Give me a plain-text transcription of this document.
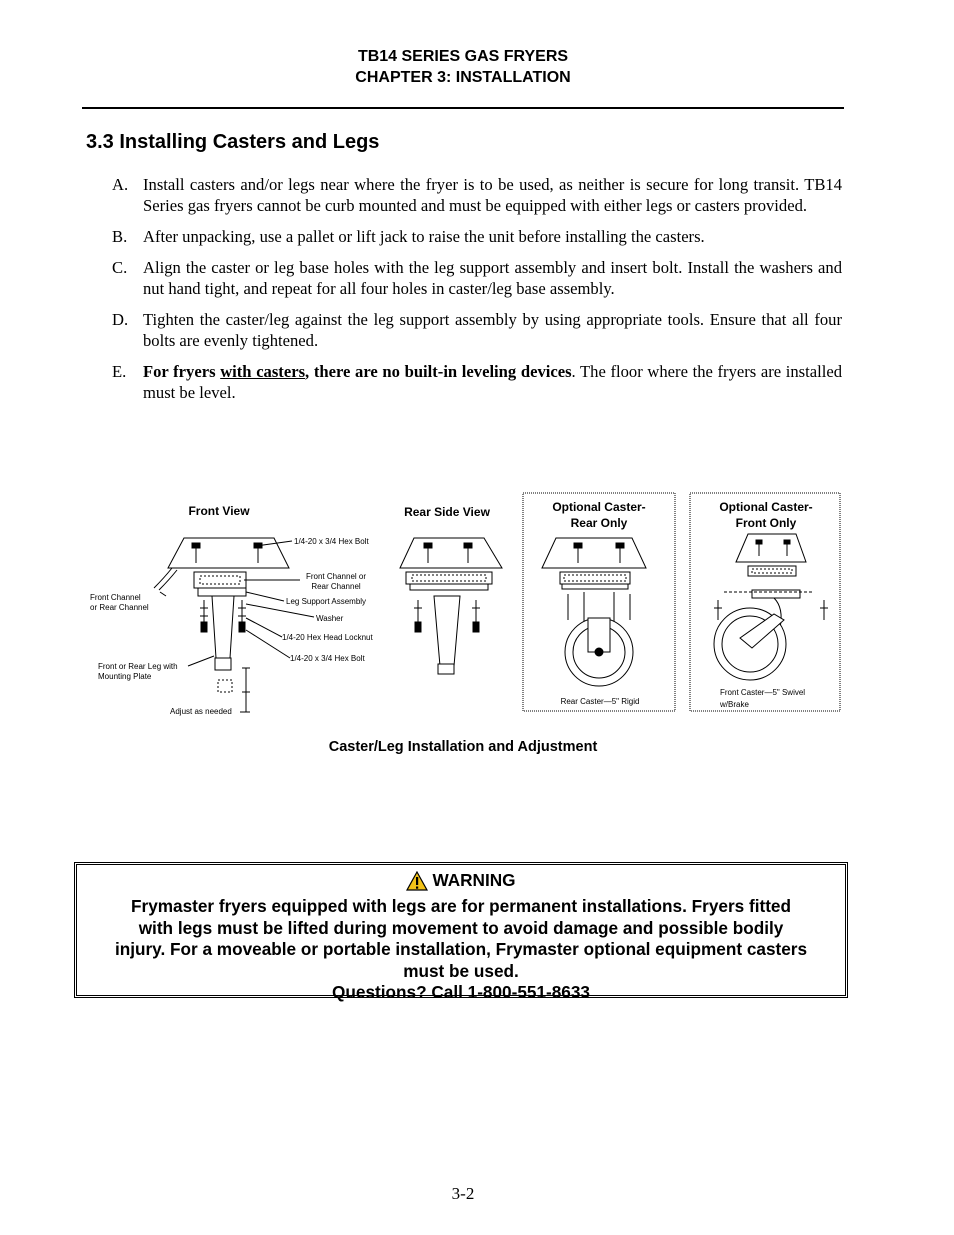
TB14 SERIES GAS FRYERS
CHAPTER 3: INSTALLATION
3.3 Installing Casters and Legs
A. Install casters and/or legs near where the fryer is to be used, as neither is secure for long transit. TB14 Series gas fryers cannot be curb mounted and must be equipped with either legs or casters provided.
B. After unpacking, use a pallet or lift jack to raise the unit before installing the casters.
C. Align the caster or leg base holes with the leg support assembly and insert bolt. Install the washers and nut hand tight, and repeat for all four holes in caster/leg base assembly.
D. Tighten the caster/leg against the leg support assembly by using appropriate tools. Ensure that all four bolts are evenly tightened.
E. For fryers with casters, there are no built-in leveling devices. The floor where the fryers are installed must be level.
Front View	Rear Side View	Optional Caster-
Rear Only
Optional Caster-
Front Only
1/4-20 x 3/4 Hex Bolt
Front Channel or
Rear Channel
Front Channel
or Rear Channel
Leg Support Assembly
Washer
1/4-20 Hex Head Locknut
1/4-20 x 3/4 Hex Bolt
Front or Rear Leg with
Mounting Plate
Adjust as needed
Rear Caster—5" Rigid
Front Caster—5" Swivel
w/Brake
Caster/Leg Installation and Adjustment
WARNING
Frymaster fryers equipped with legs are for permanent installations. Fryers fitted
with legs must be lifted during movement to avoid damage and possible bodily
injury. For a moveable or portable installation, Frymaster optional equipment casters
must be used.
Questions? Call 1-800-551-8633
3-2
